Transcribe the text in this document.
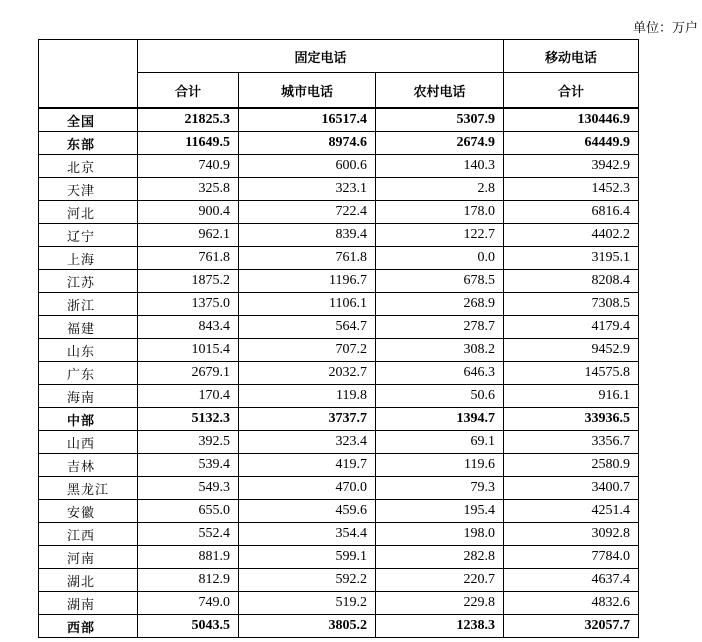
单位：万户
	固定电话			移动电话
	合计	城市电话	农村电话	合计
全国	21825.3	16517.4	5307.9	130446.9
东部	11649.5	8974.6	2674.9	64449.9
北京	740.9	600.6	140.3	3942.9
天津	325.8	323.1	2.8	1452.3
河北	900.4	722.4	178.0	6816.4
辽宁	962.1	839.4	122.7	4402.2
上海	761.8	761.8	0.0	3195.1
江苏	1875.2	1196.7	678.5	8208.4
浙江	1375.0	1106.1	268.9	7308.5
福建	843.4	564.7	278.7	4179.4
山东	1015.4	707.2	308.2	9452.9
广东	2679.1	2032.7	646.3	14575.8
海南	170.4	119.8	50.6	916.1
中部	5132.3	3737.7	1394.7	33936.5
山西	392.5	323.4	69.1	3356.7
吉林	539.4	419.7	119.6	2580.9
黑龙江	549.3	470.0	79.3	3400.7
安徽	655.0	459.6	195.4	4251.4
江西	552.4	354.4	198.0	3092.8
河南	881.9	599.1	282.8	7784.0
湖北	812.9	592.2	220.7	4637.4
湖南	749.0	519.2	229.8	4832.6
西部	5043.5	3805.2	1238.3	32057.7
